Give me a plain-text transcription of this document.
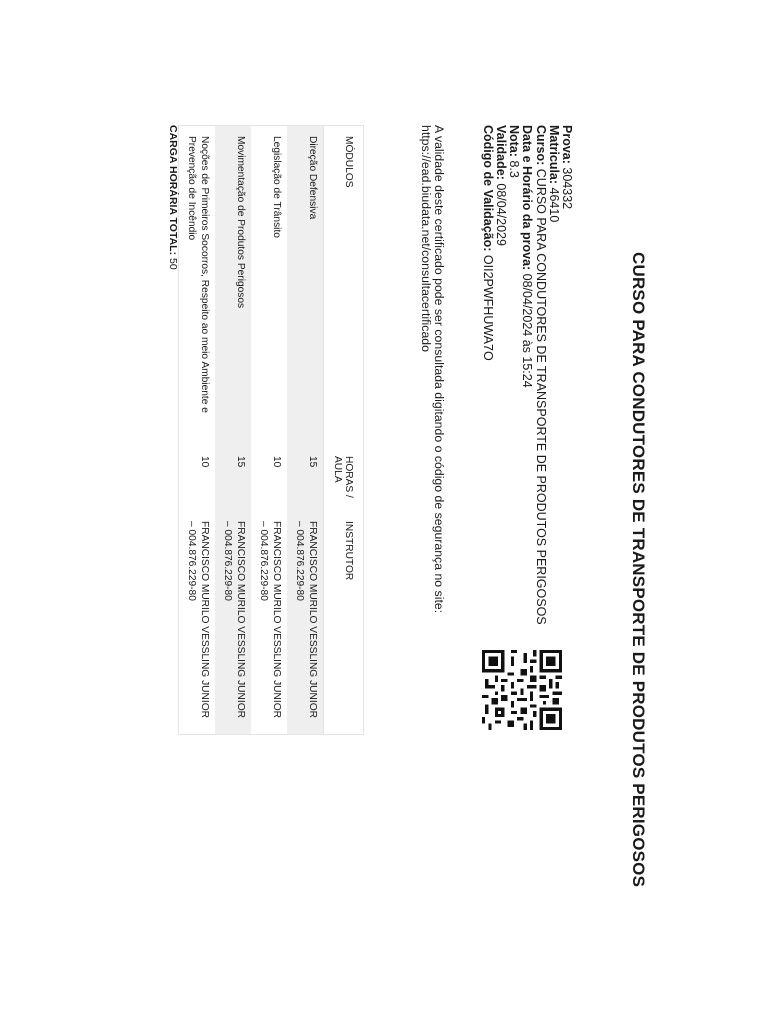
CURSO PARA CONDUTORES DE TRANSPORTE DE PRODUTOS PERIGOSOS
Prova: 304332
Matricula: 46410
Curso: CURSO PARA CONDUTORES DE TRANSPORTE DE PRODUTOS PERIGOSOS
Data e Horário da prova: 08/04/2024 às 15:24
Nota: 8.3
Validade: 08/04/2029
Código de Validação: OII2PWFHUWA7O
A validade deste certificado pode ser consultada digitando o código de segurança no site:
https://ead.biudata.net/consultacertificado
MÓDULOS	HORAS / AULA	INSTRUTOR
Direção Defensiva	15	FRANCISCO MURILO VESSLING JUNIOR – 004.876.229-80
Legislação de Trânsito	10	FRANCISCO MURILO VESSLING JUNIOR – 004.876.229-80
Movimentação de Produtos Perigosos	15	FRANCISCO MURILO VESSLING JUNIOR – 004.876.229-80
Noções de Primeiros Socorros, Respeito ao meio Ambiente e Prevenção de Incêndio	10	FRANCISCO MURILO VESSLING JUNIOR – 004.876.229-80
CARGA HORÁRIA TOTAL: 50
